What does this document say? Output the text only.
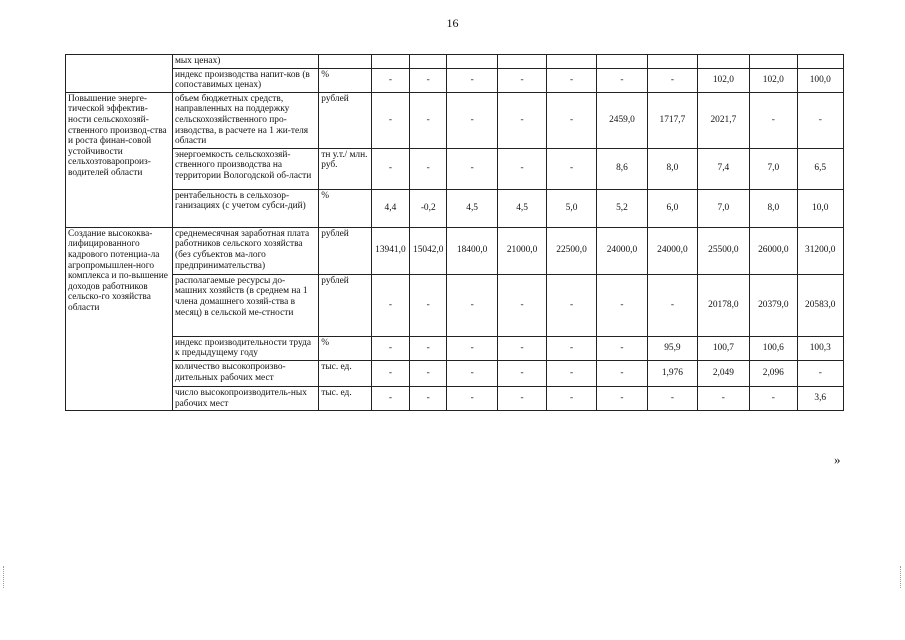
16
	мых ценах)											
	индекс производства напит-ков (в сопоставимых ценах)	%	-	-	-	-	-	-	-	102,0	102,0	100,0
Повышение энерге-тической эффектив-ности сельскохозяй-ственного производ-ства и роста финан-совой устойчивости сельхозтоваропроиз-водителей области	объем бюджетных средств, направленных на поддержку сельскохозяйственного про-изводства, в расчете на 1 жи-теля области	рублей	-	-	-	-	-	2459,0	1717,7	2021,7	-	-
	энергоемкость сельскохозяй-ственного производства на территории Вологодской об-ласти	тн у.т./ млн. руб.	-	-	-	-	-	8,6	8,0	7,4	7,0	6,5
	рентабельность в сельхозор-ганизациях (с учетом субси-дий)	%	4,4	-0,2	4,5	4,5	5,0	5,2	6,0	7,0	8,0	10,0
Создание высококва-лифицированного кадрового потенциа-ла агропромышлен-ного комплекса и по-вышение доходов работников сельско-го хозяйства области	среднемесячная заработная плата работников сельского хозяйства (без субъектов ма-лого предпринимательства)	рублей	13941,0	15042,0	18400,0	21000,0	22500,0	24000,0	24000,0	25500,0	26000,0	31200,0
	располагаемые ресурсы до-машних хозяйств (в среднем на 1 члена домашнего хозяй-ства в месяц) в сельской ме-стности	рублей	-	-	-	-	-	-	-	20178,0	20379,0	20583,0
	индекс производительности труда к предыдущему году	%	-	-	-	-	-	-	95,9	100,7	100,6	100,3
	количество высокопроизво-дительных рабочих мест	тыс. ед.	-	-	-	-	-	-	1,976	2,049	2,096	-
	число высокопроизводитель-ных рабочих мест	тыс. ед.	-	-	-	-	-	-	-	-	-	3,6
»
